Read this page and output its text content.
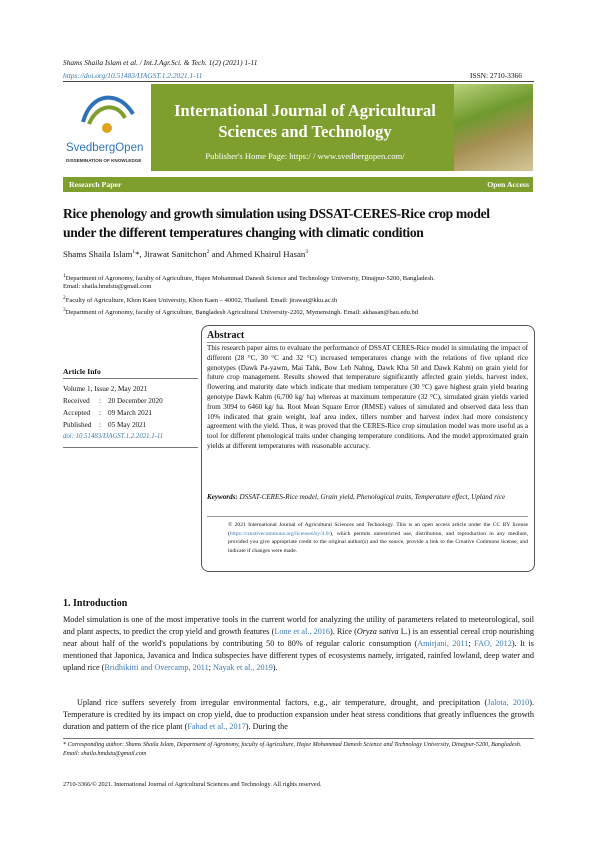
Shams Shaila Islam et al. / Int.J.Agr.Sci. & Tech. 1(2) (2021) 1-11
https://doi.org/10.51483/IJAGST.1.2.2021.1-11	ISSN: 2710-3366
SvedbergOpen
DISSEMINATION OF KNOWLEDGE
International Journal of Agricultural
Sciences and Technology
Publisher's Home Page: https:/ / www.svedbergopen.com/
Research Paper	Open Access
Rice phenology and growth simulation using DSSAT-CERES-Rice crop model
under the different temperatures changing with climatic condition
Shams Shaila Islam$^1$*, Jirawat Sanitchon$^2$ and Ahmed Khairul Hasan$^3$
$^1$Department of Agronomy, faculty of Agriculture, Hajee Mohammad Danesh Science and Technology University, Dinajpur-5200, Bangladesh.
Email: shaila.hmdstu@gmail.com
$^2$Faculty of Agriculture, Khon Kaen University, Khon Kaen – 40002, Thailand. Email: jirawat@kku.ac.th
$^3$Department of Agronomy, faculty of Agriculture, Bangladesh Agricultural University-2202, Mymensingh. Email: akhasan@bau.edu.bd
Article Info
Volume 1, Issue 2, May 2021
Received : 20 December 2020
Accepted : 09 March 2021
Published : 05 May 2021
doi: 10.51483/IJAGST.1.2.2021.1-11
Abstract
This research paper aims to evaluate the performance of DSSAT CERES-Rice model in simulating the impact of different (28 °C, 30 °C and 32 °C) increased temperatures change with the relations of five upland rice genotypes (Dawk Pa-yawm, Mai Tahk, Bow Leb Nahng, Dawk Kha 50 and Dawk Kahm) on grain yield for future crop management. Results showed that temperature significantly affected grain yields, harvest index, flowering and maturity date which indicate that medium temperature (30 °C) gave highest grain yield bearing genotype Dawk Kahm (6,700 kg/ ha) whereas at maximum temperature (32 °C), simulated grain yields varied from 3094 to 6460 kg/ ha. Root Mean Square Error (RMSE) values of simulated and observed data less than 10% indicated that grain weight, leaf area index, tillers number and harvest index had more consistency agreement with the yield. Thus, it was proved that the CERES-Rice crop simulation model was more useful as a tool for different phenological traits under changing temperature conditions. And the model approximated grain yields at different temperatures with reasonable accuracy.
Keywords: DSSAT-CERES-Rice model, Grain yield, Phenological traits, Temperature effect, Upland rice
© 2021 International Journal of Agricultural Sciences and Technology. This is an open access article under the CC BY license (https://creativecommons.org/licenses/by/4.0/), which permits unrestricted use, distribution, and reproduction in any medium, provided you give appropriate credit to the original author(s) and the source, provide a link to the Creative Commons license, and indicate if changes were made.
1. Introduction
Model simulation is one of the most imperative tools in the current world for analyzing the utility of parameters related to meteorological, soil and plant aspects, to predict the crop yield and growth features (Lone et al., 2016). Rice (Oryza sativa L.) is an essential cereal crop nourishing near about half of the world's populations by contributing 50 to 80% of regular caloric consumption (Amirjani, 2011; FAO, 2012). It is mentioned that Japonica, Javanica and Indica subspecies have different types of ecosystems namely, irrigated, rainfed lowland, deep water and upland rice (Bridhikitti and Overcamp, 2011; Nayak et al., 2019).
Upland rice suffers severely from irregular environmental factors, e.g., air temperature, drought, and precipitation (Jalota, 2010). Temperature is credited by its impact on crop yield, due to production expansion under heat stress conditions that greatly influences the growth duration and pattern of the rice plant (Fahad et al., 2017). During the
* Corresponding author: Shams Shaila Islam, Department of Agronomy, faculty of Agriculture, Hajee Mohammad Danesh Science and Technology University, Dinajpur-5200, Bangladesh. Email: shaila.hmdstu@gmail.com
2710-3366/© 2021. International Journal of Agricultural Sciences and Technology. All rights reserved.
